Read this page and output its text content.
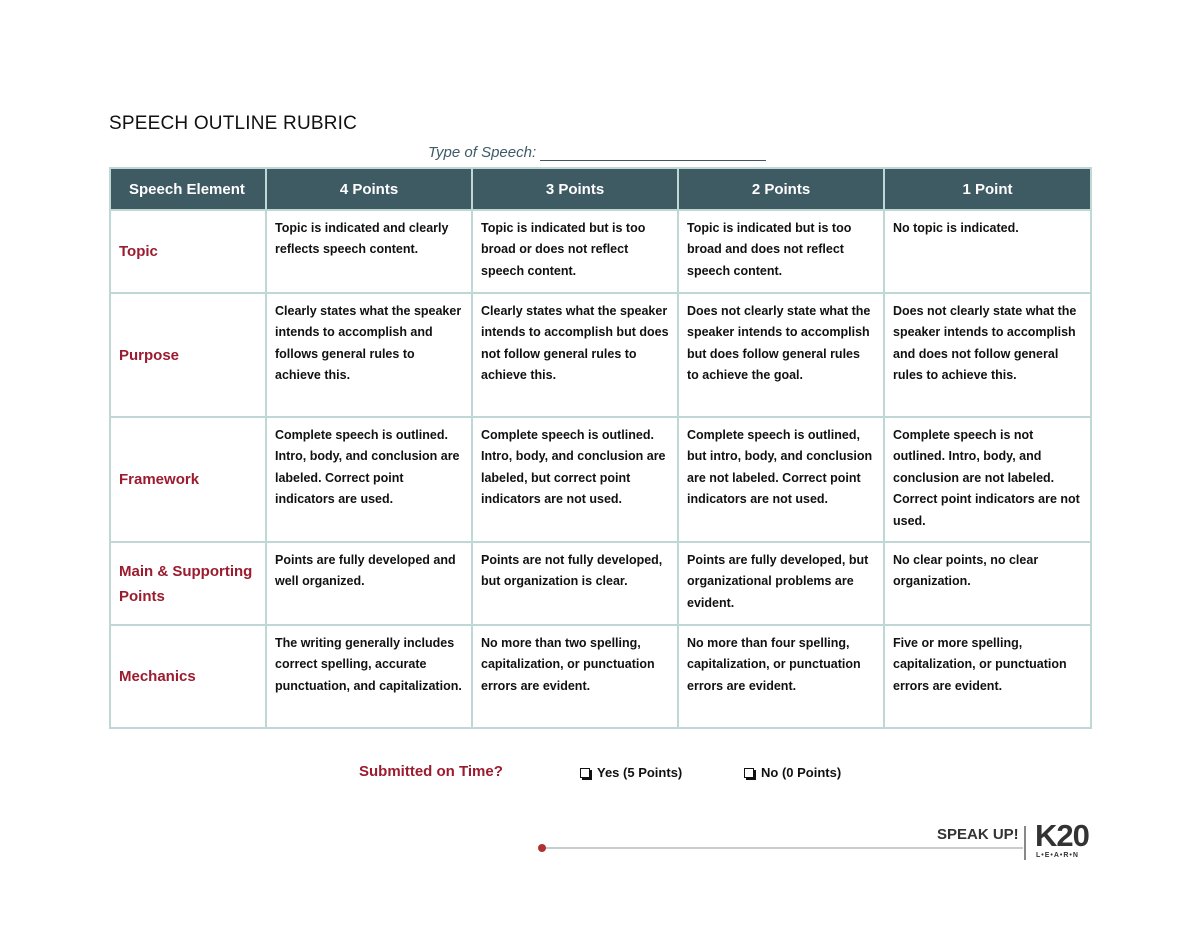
SPEECH OUTLINE RUBRIC
Type of Speech:
Speech Element	4 Points	3 Points	2 Points	1 Point
Topic	Topic is indicated and clearly reflects speech content.	Topic is indicated but is too broad or does not reflect speech content.	Topic is indicated but is too broad and does not reflect speech content.	No topic is indicated.
Purpose	Clearly states what the speaker intends to accomplish and follows general rules to achieve this.	Clearly states what the speaker intends to accomplish but does not follow general rules to achieve this.	Does not clearly state what the speaker intends to accomplish but does follow general rules to achieve the goal.	Does not clearly state what the speaker intends to accomplish and does not follow general rules to achieve this.
Framework	Complete speech is outlined. Intro, body, and conclusion are labeled. Correct point indicators are used.	Complete speech is outlined. Intro, body, and conclusion are labeled, but correct point indicators are not used.	Complete speech is outlined, but intro, body, and conclusion are not labeled. Correct point indicators are not used.	Complete speech is not outlined. Intro, body, and conclusion are not labeled. Correct point indicators are not used.
Main & Supporting Points	Points are fully developed and well organized.	Points are not fully developed, but organization is clear.	Points are fully developed, but organizational problems are evident.	No clear points, no clear organization.
Mechanics	The writing generally includes correct spelling, accurate punctuation, and capitalization.	No more than two spelling, capitalization, or punctuation errors are evident.	No more than four spelling, capitalization, or punctuation errors are evident.	Five or more spelling, capitalization, or punctuation errors are evident.
Submitted on Time?	Yes (5 Points)	No (0 Points)
SPEAK UP! K20
L•E•A•R•N
